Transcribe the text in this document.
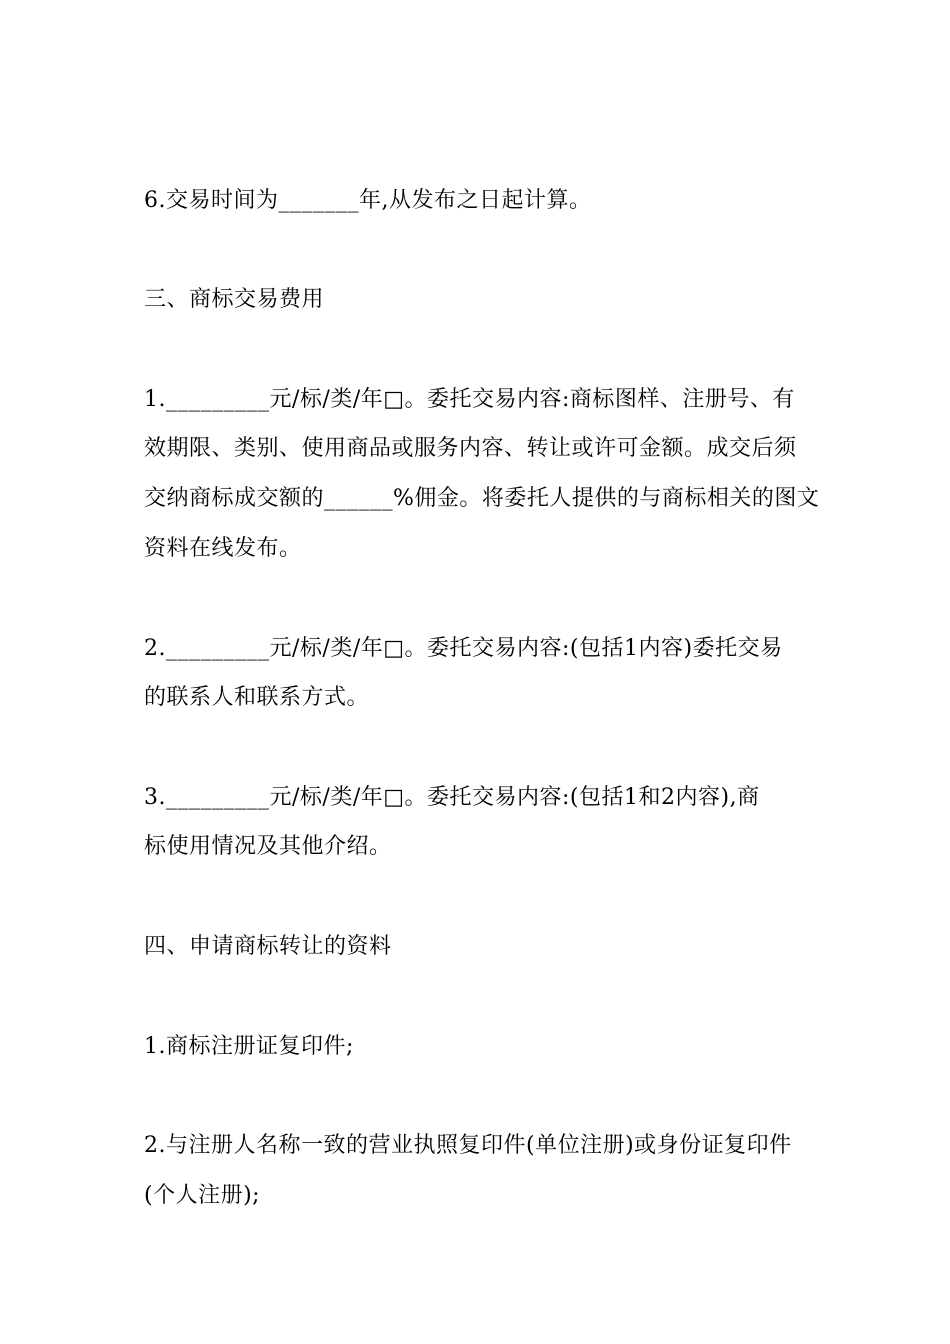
6.交易时间为_______年,从发布之日起计算。
三、商标交易费用
1._________元/标/类/年□。委托交易内容:商标图样、注册号、有
效期限、类别、使用商品或服务内容、转让或许可金额。成交后须
交纳商标成交额的______%佣金。将委托人提供的与商标相关的图文
资料在线发布。
2._________元/标/类/年□。委托交易内容:(包括1内容)委托交易
的联系人和联系方式。
3._________元/标/类/年□。委托交易内容:(包括1和2内容),商
标使用情况及其他介绍。
四、申请商标转让的资料
1.商标注册证复印件;
2.与注册人名称一致的营业执照复印件(单位注册)或身份证复印件
(个人注册);
